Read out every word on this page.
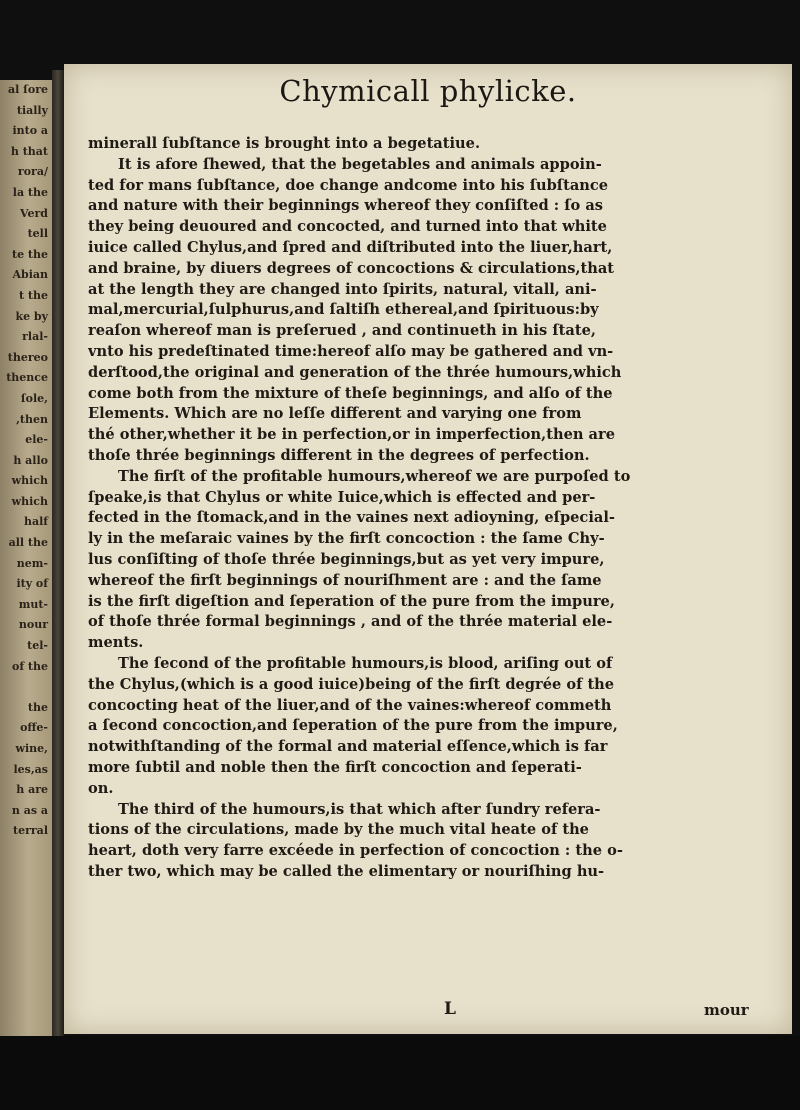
al ſore
tially
into a
h that
rora/
la the
Verd
tell
te the
Abian
t the
ke by
rlal-
thereo
thence
ſole,
,then
ele-
h allo
which
which
half
all the
nem-
ity of
mut-
nour
tel-
of the
the
offe-
wine,
les,as
h are
n as a
terral
Chymicall phylicke.
minerall ſubſtance is brought into a begetatiue.
It is afore ſhewed, that the begetables and animals appoin-
ted for mans ſubſtance, doe change andcome into his ſubſtance
and nature with their beginnings whereof they conſiſted : ſo as
they being deuoured and concocted, and turned into that white
iuice called Chylus,and ſpred and diſtributed into the liuer,hart,
and braine, by diuers degrees of concoctions & circulations,that
at the length they are changed into ſpirits, natural, vitall, ani-
mal,mercurial,ſulphurus,and ſaltiſh ethereal,and ſpirituous:by
reaſon whereof man is preſerued , and continueth in his ſtate,
vnto his predeſtinated time:hereof alſo may be gathered and vn-
derſtood,the original and generation of the thrée humours,which
come both from the mixture of theſe beginnings, and alſo of the
Elements. Which are no leſſe different and varying one from
thé other,whether it be in perfection,or in imperfection,then are
thoſe thrée beginnings different in the degrees of perfection.
The firſt of the profitable humours,whereof we are purpoſed to
ſpeake,is that Chylus or white Iuice,which is effected and per-
fected in the ſtomack,and in the vaines next adioyning, eſpecial-
ly in the meſaraic vaines by the firſt concoction : the ſame Chy-
lus conſiſting of thoſe thrée beginnings,but as yet very impure,
whereof the firſt beginnings of nouriſhment are : and the ſame
is the firſt digeſtion and ſeperation of the pure from the impure,
of thoſe thrée formal beginnings , and of the thrée material ele-
ments.
The ſecond of the profitable humours,is blood, ariſing out of
the Chylus,(which is a good iuice)being of the firſt degrée of the
concocting heat of the liuer,and of the vaines:whereof commeth
a ſecond concoction,and ſeperation of the pure from the impure,
notwithſtanding of the formal and material eſſence,which is far
more ſubtil and noble then the firſt concoction and ſeperati-
on.
The third of the humours,is that which after ſundry refera-
tions of the circulations, made by the much vital heate of the
heart, doth very farre excéede in perfection of concoction : the o-
ther two, which may be called the elimentary or nouriſhing hu-
L	mour
